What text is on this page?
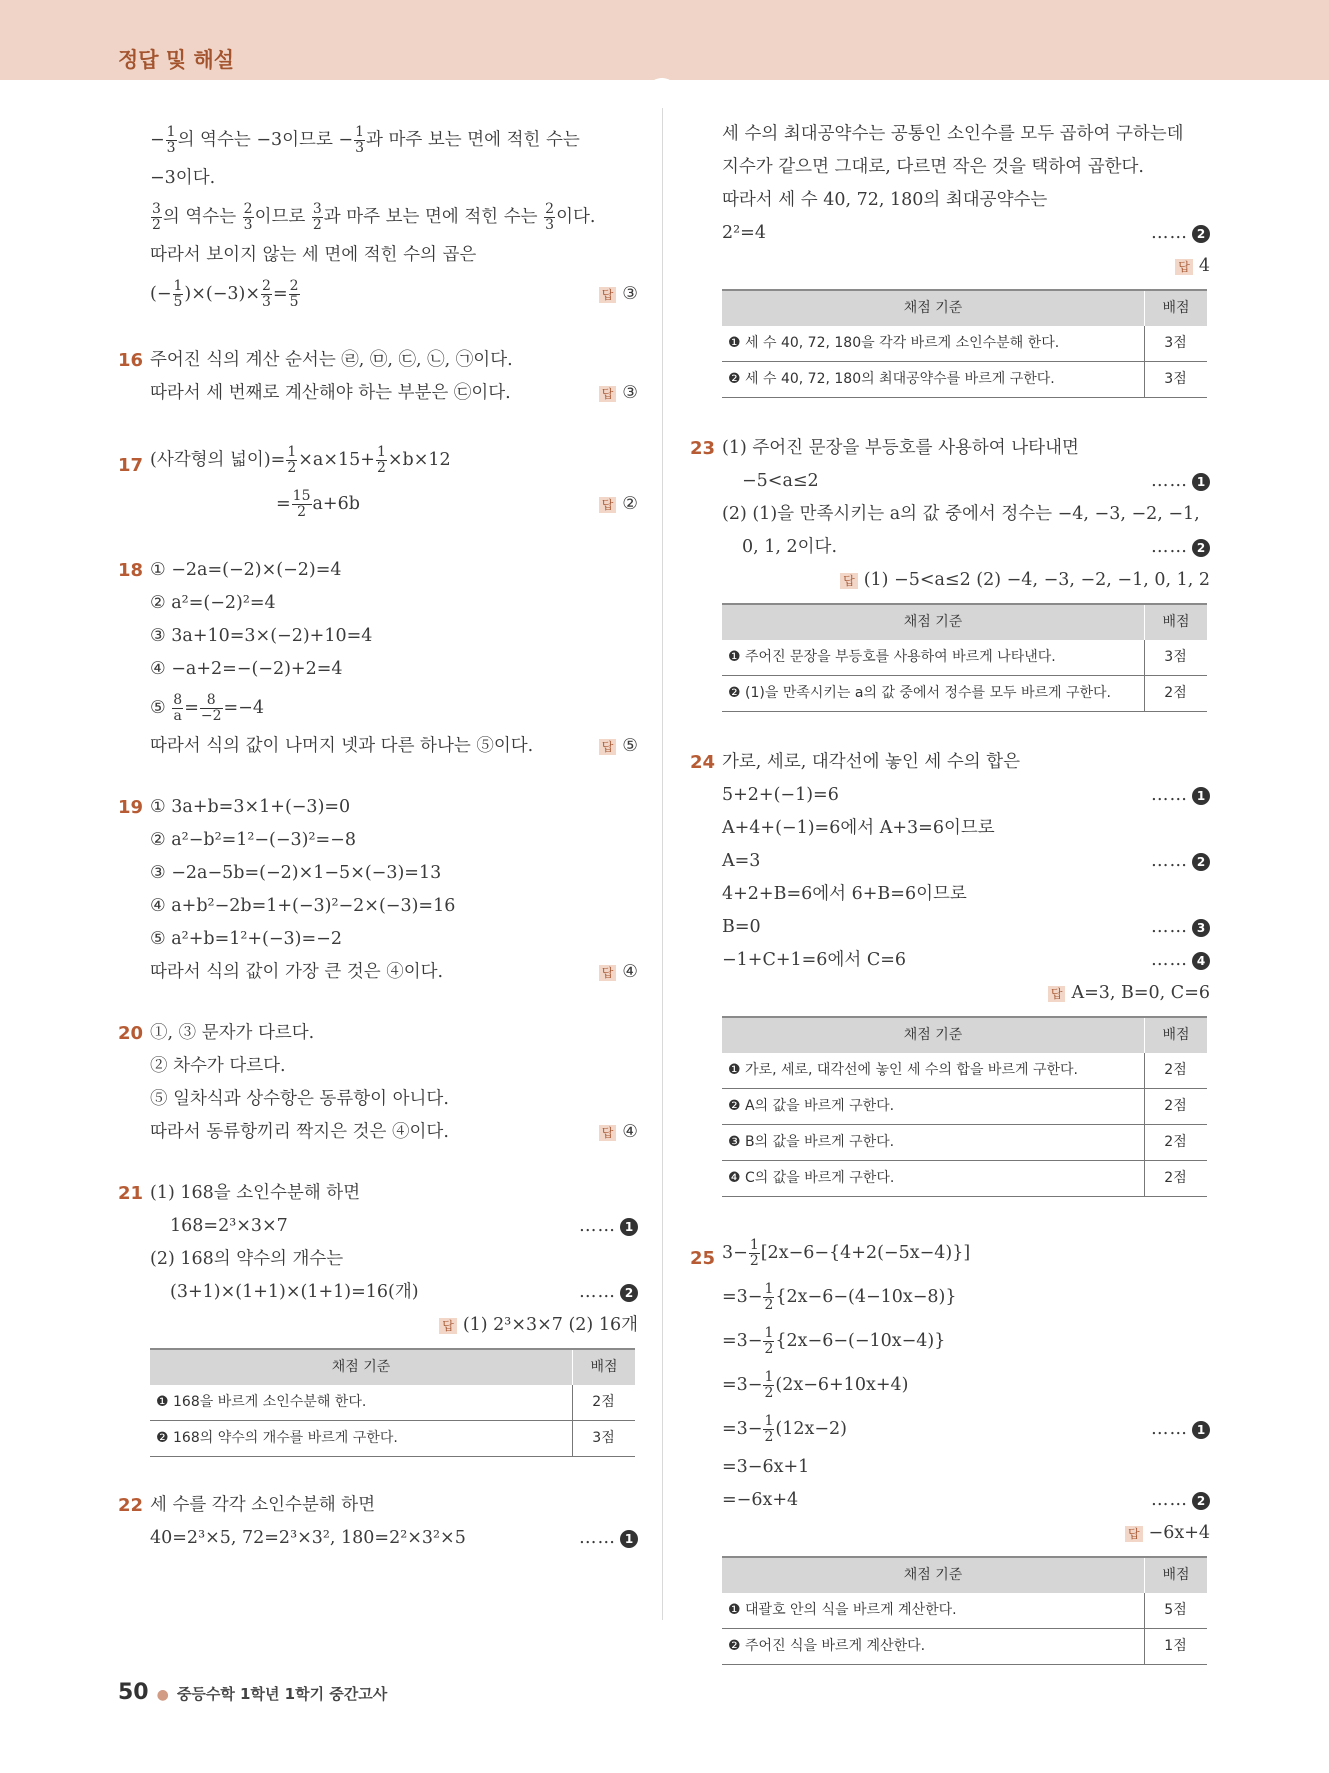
정답 및 해설
− $\frac{1}{3}$ 의 역수는 −3이므로 − $\frac{1}{3}$ 과 마주 보는 면에 적힌 수는
−3이다.
$\frac{3}{2}$ 의 역수는 $\frac{2}{3}$ 이므로 $\frac{3}{2}$ 과 마주 보는 면에 적힌 수는 $\frac{2}{3}$ 이다.
따라서 보이지 않는 세 면에 적힌 수의 곱은
(− $\frac{1}{5} )\times(-3)\times \frac{2}{3} = \frac{2}{5}$	답 ③
16 주어진 식의 계산 순서는 ㉣, ㉤, ㉢, ㉡, ㉠이다.
따라서 세 번째로 계산해야 하는 부분은 ㉢이다.	답 ③
17 (사각형의 넓이)= $\frac{1}{2} \times a\times 15+ \frac{1}{2} \times b\times 12$
= $\frac{15}{2} a+6b$	답 ②
18 ① −2a=(−2)×(−2)=4
② a²=(−2)²=4
③ 3a+10=3×(−2)+10=4
④ −a+2=−(−2)+2=4
⑤ $\frac{8}{a} = \frac{8}{-2} =-4$
따라서 식의 값이 나머지 넷과 다른 하나는 ⑤이다.	답 ⑤
19 ① 3a+b=3×1+(−3)=0
② a²−b²=1²−(−3)²=−8
③ −2a−5b=(−2)×1−5×(−3)=13
④ a+b²−2b=1+(−3)²−2×(−3)=16
⑤ a²+b=1²+(−3)=−2
따라서 식의 값이 가장 큰 것은 ④이다.	답 ④
20 ①, ③ 문자가 다르다.
② 차수가 다르다.
⑤ 일차식과 상수항은 동류항이 아니다.
따라서 동류항끼리 짝지은 것은 ④이다.	답 ④
21 (1) 168을 소인수분해 하면
168=2³×3×7	…… 1
(2) 168의 약수의 개수는
(3+1)×(1+1)×(1+1)=16(개)	…… 2
답 (1) 2³×3×7 (2) 16개
채점 기준	배점
❶ 168을 바르게 소인수분해 한다.	2점
❷ 168의 약수의 개수를 바르게 구한다.	3점
22 세 수를 각각 소인수분해 하면
40=2³×5, 72=2³×3², 180=2²×3²×5	…… 1
세 수의 최대공약수는 공통인 소인수를 모두 곱하여 구하는데
지수가 같으면 그대로, 다르면 작은 것을 택하여 곱한다.
따라서 세 수 40, 72, 180의 최대공약수는
2²=4	…… 2
답 4
채점 기준	배점
❶ 세 수 40, 72, 180을 각각 바르게 소인수분해 한다.	3점
❷ 세 수 40, 72, 180의 최대공약수를 바르게 구한다.	3점
23 (1) 주어진 문장을 부등호를 사용하여 나타내면
−5<a≤2	…… 1
(2) (1)을 만족시키는 a의 값 중에서 정수는 −4, −3, −2, −1,
0, 1, 2이다.	…… 2
답 (1) −5<a≤2 (2) −4, −3, −2, −1, 0, 1, 2
채점 기준	배점
❶ 주어진 문장을 부등호를 사용하여 바르게 나타낸다.	3점
❷ (1)을 만족시키는 a의 값 중에서 정수를 모두 바르게 구한다.	2점
24 가로, 세로, 대각선에 놓인 세 수의 합은
5+2+(−1)=6	…… 1
A+4+(−1)=6에서 A+3=6이므로
A=3	…… 2
4+2+B=6에서 6+B=6이므로
B=0	…… 3
−1+C+1=6에서 C=6	…… 4
답 A=3, B=0, C=6
채점 기준	배점
❶ 가로, 세로, 대각선에 놓인 세 수의 합을 바르게 구한다.	2점
❷ A의 값을 바르게 구한다.	2점
❸ B의 값을 바르게 구한다.	2점
❹ C의 값을 바르게 구한다.	2점
25 $3- \frac{1}{2} [2x-6-\{4+2(-5x-4)\}]$
$=3- \frac{1}{2} \{2x-6-(4-10x-8)\}$
$=3- \frac{1}{2} \{2x-6-(-10x-4)\}$
$=3- \frac{1}{2} (2x-6+10x+4)$
$=3- \frac{1}{2} (12x-2)$	…… 1
=3−6x+1
=−6x+4	…… 2
답 −6x+4
채점 기준	배점
❶ 대괄호 안의 식을 바르게 계산한다.	5점
❷ 주어진 식을 바르게 계산한다.	1점
50 ● 중등수학 1학년 1학기 중간고사
